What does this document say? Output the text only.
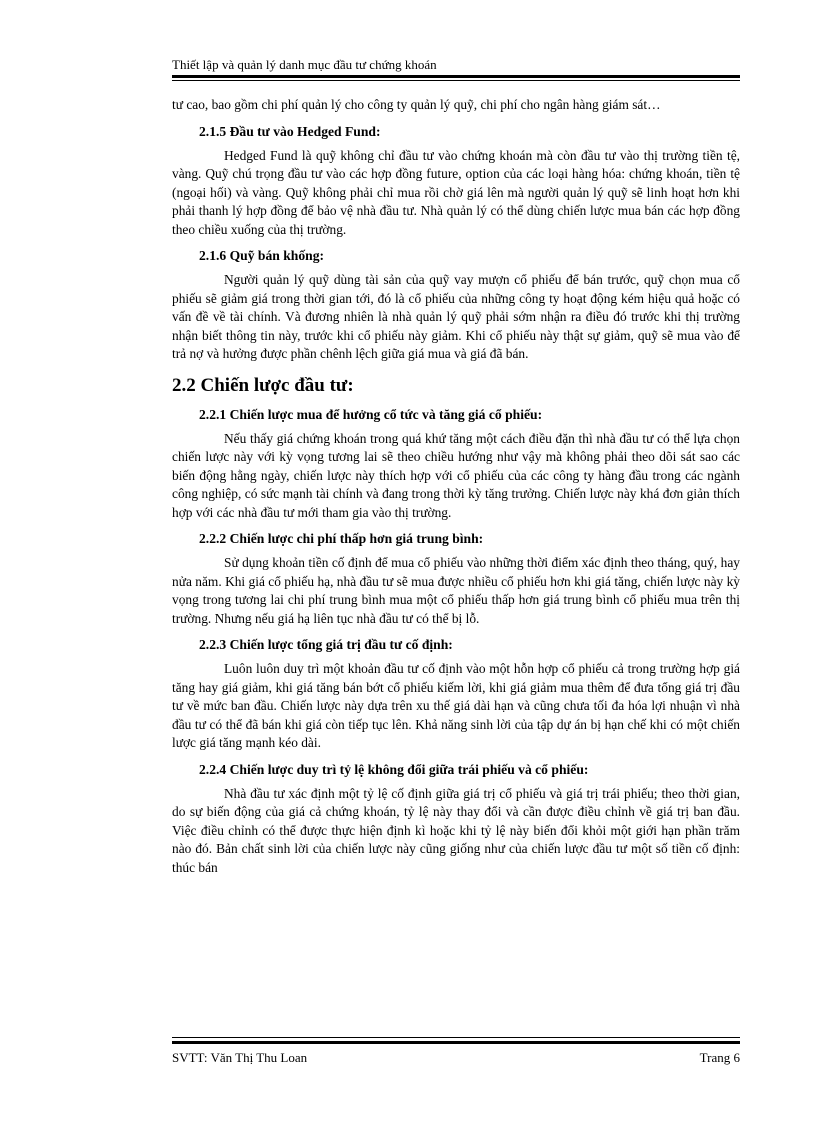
Thiết lập và quản lý danh mục đầu tư chứng khoán

tư cao, bao gồm chi phí quản lý cho công ty quản lý quỹ, chi phí cho ngân hàng giám sát…

2.1.5 Đầu tư vào Hedged Fund:

Hedged Fund là quỹ không chỉ đầu tư vào chứng khoán mà còn đầu tư vào thị trường tiền tệ, vàng. Quỹ chú trọng đầu tư vào các hợp đồng future, option của các loại hàng hóa: chứng khoán, tiền tệ (ngoại hối) và vàng. Quỹ không phải chỉ mua rồi chờ giá lên mà người quản lý quỹ sẽ linh hoạt hơn khi phải thanh lý hợp đồng để bảo vệ nhà đầu tư. Nhà quản lý có thể dùng chiến lược mua bán các hợp đồng theo chiều xuống của thị trường.

2.1.6 Quỹ bán khống:

Người quản lý quỹ dùng tài sản của quỹ vay mượn cổ phiếu để bán trước, quỹ chọn mua cổ phiếu sẽ giảm giá trong thời gian tới, đó là cổ phiếu của những công ty hoạt động kém hiệu quả hoặc có vấn đề về tài chính. Và đương nhiên là nhà quản lý quỹ phải sớm nhận ra điều đó trước khi thị trường nhận biết thông tin này, trước khi cổ phiếu này giảm. Khi cổ phiếu này thật sự giảm, quỹ sẽ mua vào để trả nợ và hưởng được phần chênh lệch giữa giá mua và giá đã bán.

2.2 Chiến lược đầu tư:
2.2.1 Chiến lược mua để hưởng cổ tức và tăng giá cổ phiếu:

Nếu thấy giá chứng khoán trong quá khứ tăng một cách điều đặn thì nhà đầu tư có thể lựa chọn chiến lược này với kỳ vọng tương lai sẽ theo chiều hướng như vậy mà không phải theo dõi sát sao các biến động hằng ngày, chiến lược này thích hợp với cổ phiếu của các công ty hàng đầu trong các ngành công nghiệp, có sức mạnh tài chính và đang trong thời kỳ tăng trưởng. Chiến lược này khá đơn giản thích hợp với các nhà đầu tư mới tham gia vào thị trường.

2.2.2 Chiến lược chi phí thấp hơn giá trung bình:

Sử dụng khoản tiền cố định để mua cổ phiếu vào những thời điểm xác định theo tháng, quý, hay nửa năm. Khi giá cổ phiếu hạ, nhà đầu tư sẽ mua được nhiều cổ phiếu hơn khi giá tăng, chiến lược này kỳ vọng trong tương lai chi phí trung bình mua một cổ phiếu thấp hơn giá trung bình cổ phiếu mua trên thị trường. Nhưng nếu giá hạ liên tục nhà đầu tư có thể bị lỗ.

2.2.3 Chiến lược tổng giá trị đầu tư cố định:

Luôn luôn duy trì một khoản đầu tư cố định vào một hỗn hợp cổ phiếu cả trong trường hợp giá tăng hay giá giảm, khi giá tăng bán bớt cổ phiếu kiếm lời, khi giá giảm mua thêm để đưa tổng giá trị đầu tư về mức ban đầu. Chiến lược này dựa trên xu thế giá dài hạn và cũng chưa tối đa hóa lợi nhuận vì nhà đầu tư có thể đã bán khi giá còn tiếp tục lên. Khả năng sinh lời của tập dự án bị hạn chế khi có một chiến lược giá tăng mạnh kéo dài.

2.2.4 Chiến lược duy trì tỷ lệ không đổi giữa trái phiếu và cổ phiếu:

Nhà đầu tư xác định một tỷ lệ cố định giữa giá trị cổ phiếu và giá trị trái phiếu; theo thời gian, do sự biến động của giá cả chứng khoán, tỷ lệ này thay đổi và cần được điều chỉnh về giá trị ban đầu. Việc điều chỉnh có thể được thực hiện định kì hoặc khi tỷ lệ này biến đổi khỏi một giới hạn phần trăm nào đó. Bản chất sinh lời của chiến lược này cũng giống như của chiến lược đầu tư một số tiền cố định: thúc bán

SVTT: Văn Thị Thu Loan	Trang 6
